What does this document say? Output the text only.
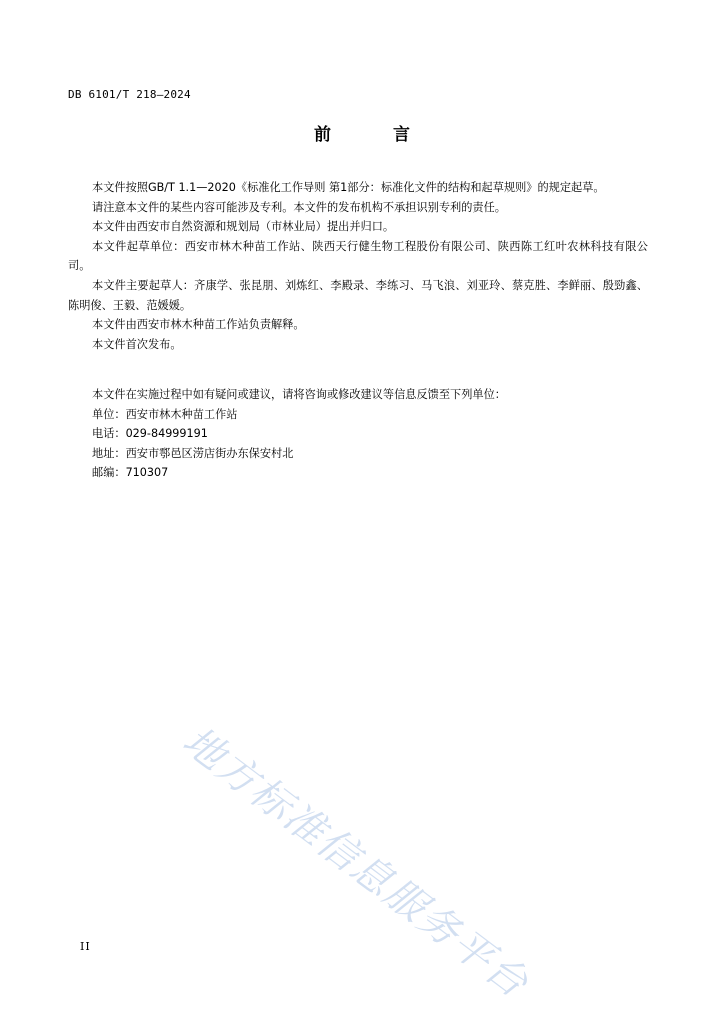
DB 6101/T 218—2024
前 言

本文件按照GB/T 1.1—2020《标准化工作导则 第1部分：标准化文件的结构和起草规则》的规定起草。

请注意本文件的某些内容可能涉及专利。本文件的发布机构不承担识别专利的责任。

本文件由西安市自然资源和规划局（市林业局）提出并归口。

本文件起草单位：西安市林木种苗工作站、陕西天行健生物工程股份有限公司、陕西陈工红叶农林科技有限公司。

本文件主要起草人：齐康学、张昆朋、刘炼红、李殿录、李练习、马飞浪、刘亚玲、蔡克胜、李鲜丽、殷勁鑫、陈明俊、王毅、范媛媛。

本文件由西安市林木种苗工作站负责解释。

本文件首次发布。

本文件在实施过程中如有疑问或建议，请将咨询或修改建议等信息反馈至下列单位：

单位：西安市林木种苗工作站

电话：029-84999191

地址：西安市鄠邑区涝店街办东保安村北

邮编：710307

地方标准信息服务平台
II
